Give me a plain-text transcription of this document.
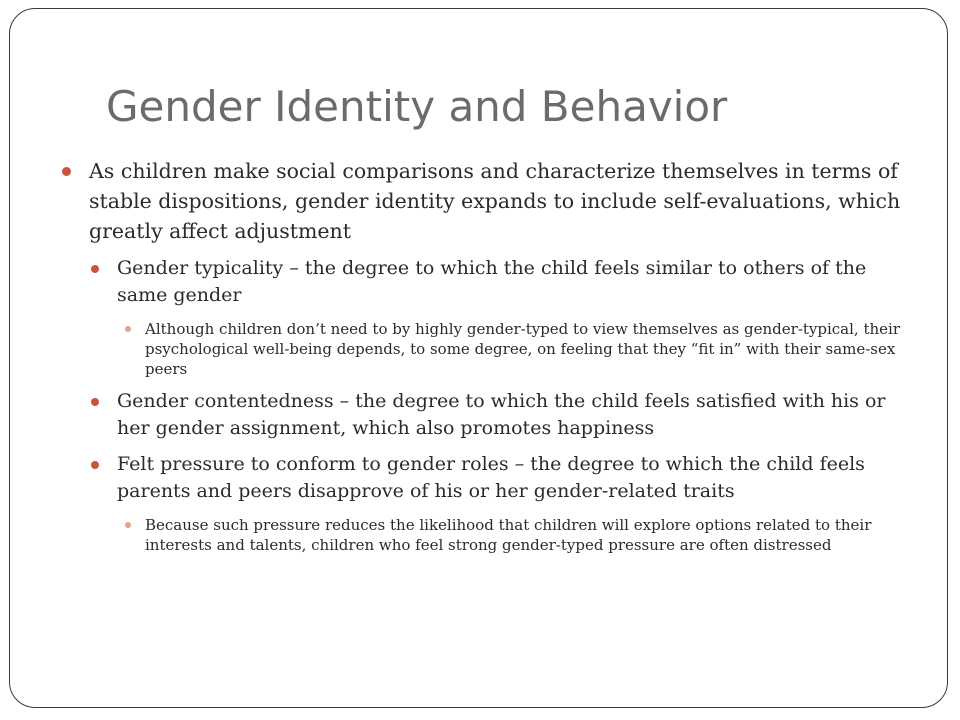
Gender Identity and Behavior
As children make social comparisons and characterize themselves in terms of stable dispositions, gender identity expands to include self-evaluations, which greatly affect adjustment
Gender typicality – the degree to which the child feels similar to others of the same gender
Although children don’t need to by highly gender-typed to view themselves as gender-typical, their psychological well-being depends, to some degree, on feeling that they “fit in” with their same-sex peers
Gender contentedness – the degree to which the child feels satisfied with his or her gender assignment, which also promotes happiness
Felt pressure to conform to gender roles – the degree to which the child feels parents and peers disapprove of his or her gender-related traits
Because such pressure reduces the likelihood that children will explore options related to their interests and talents, children who feel strong gender-typed pressure are often distressed
